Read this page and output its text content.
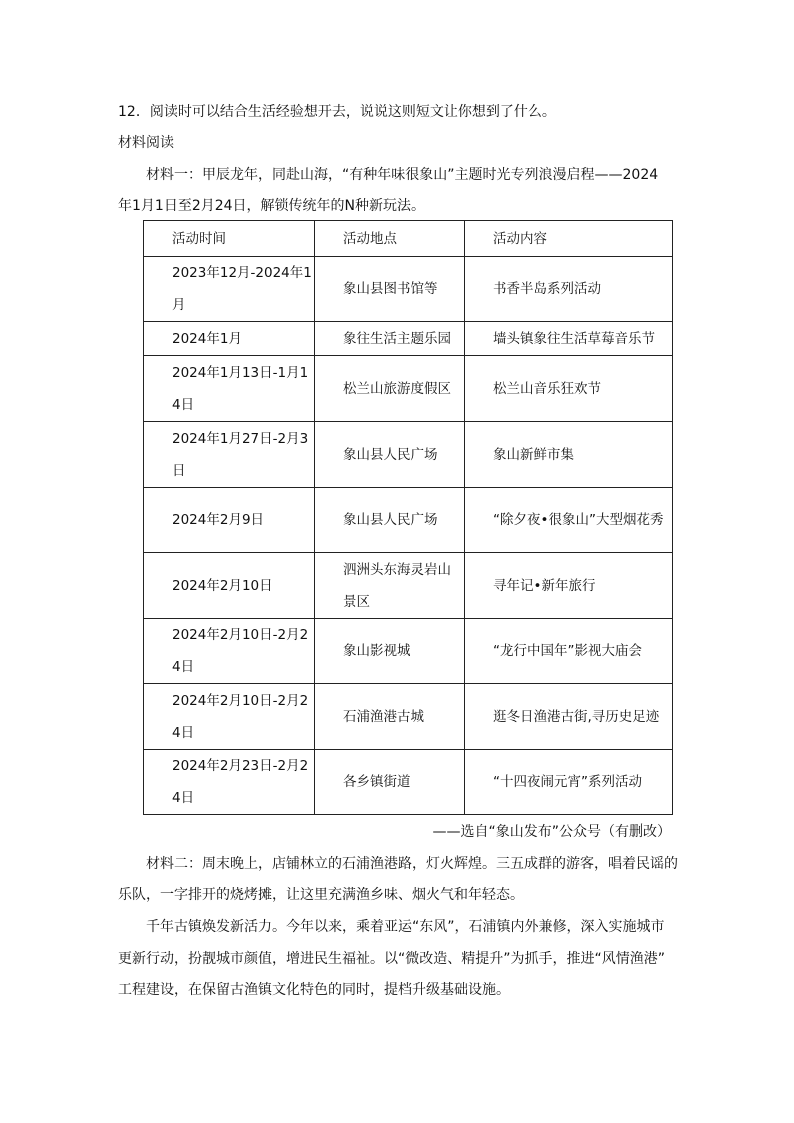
12．阅读时可以结合生活经验想开去，说说这则短文让你想到了什么。
材料阅读
材料一：甲辰龙年，同赴山海，“有种年味很象山”主题时光专列浪漫启程——2024
年1月1日至2月24日，解锁传统年的N种新玩法。
活动时间	活动地点	活动内容
2023年12月-2024年1月	象山县图书馆等	书香半岛系列活动
2024年1月	象往生活主题乐园	墙头镇象往生活草莓音乐节
2024年1月13日-1月14日	松兰山旅游度假区	松兰山音乐狂欢节
2024年1月27日-2月3日	象山县人民广场	象山新鲜市集
2024年2月9日	象山县人民广场	“除夕夜•很象山”大型烟花秀
2024年2月10日	泗洲头东海灵岩山景区	寻年记•新年旅行
2024年2月10日-2月24日	象山影视城	“龙行中国年”影视大庙会
2024年2月10日-2月24日	石浦渔港古城	逛冬日渔港古街,寻历史足迹
2024年2月23日-2月24日	各乡镇街道	“十四夜闹元宵”系列活动
——选自“象山发布”公众号（有删改）
材料二：周末晚上，店铺林立的石浦渔港路，灯火辉煌。三五成群的游客，唱着民谣的
乐队，一字排开的烧烤摊，让这里充满渔乡味、烟火气和年轻态。
千年古镇焕发新活力。今年以来，乘着亚运“东风”，石浦镇内外兼修，深入实施城市
更新行动，扮靓城市颜值，增进民生福祉。以“微改造、精提升”为抓手，推进“风情渔港”
工程建设，在保留古渔镇文化特色的同时，提档升级基础设施。
